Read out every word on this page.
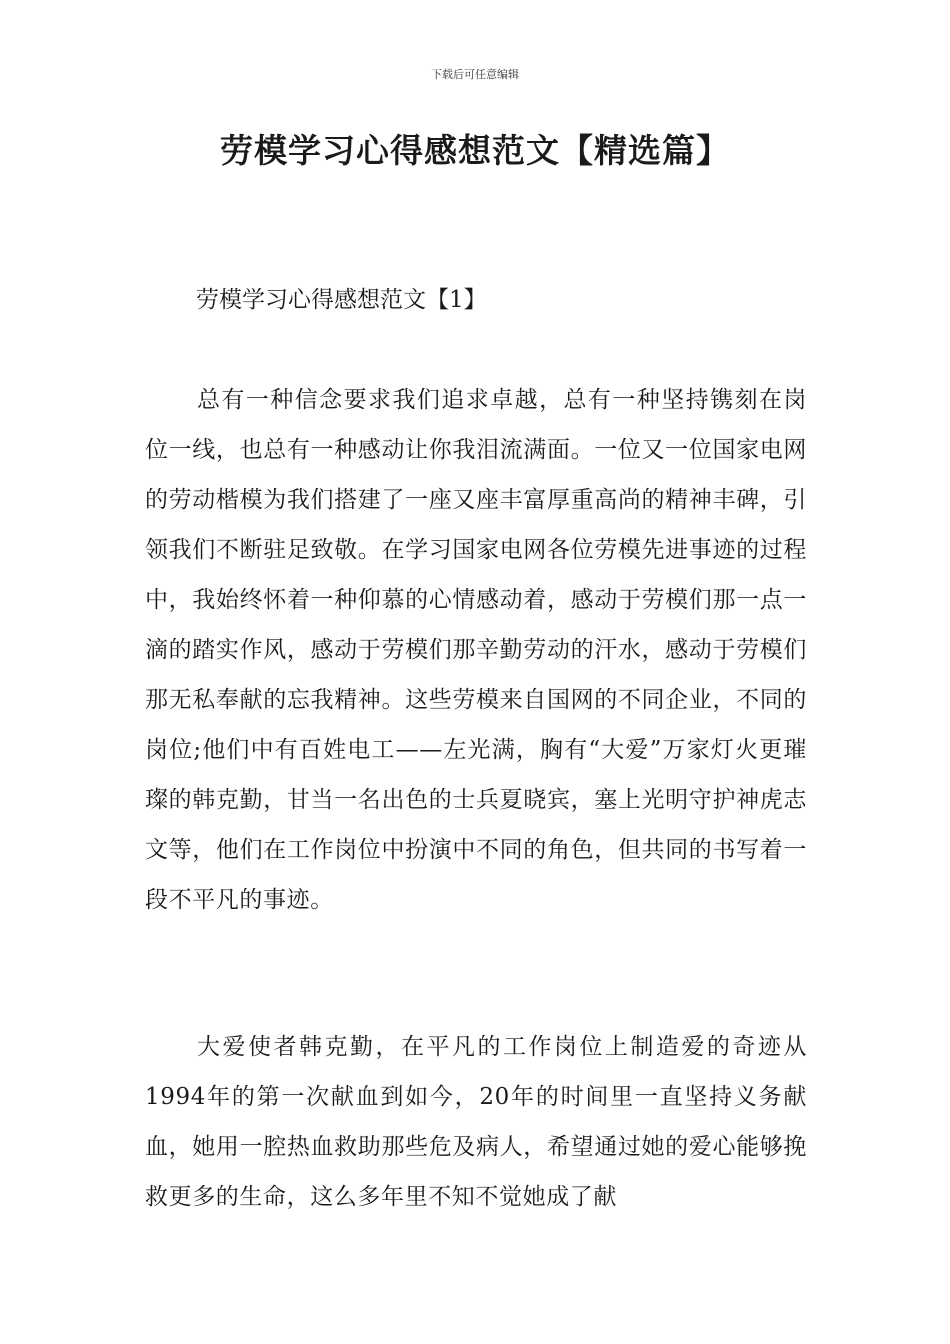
下载后可任意编辑
劳模学习心得感想范文【精选篇】
劳模学习心得感想范文【1】

总有一种信念要求我们追求卓越，总有一种坚持镌刻在岗位一线，也总有一种感动让你我泪流满面。一位又一位国家电网的劳动楷模为我们搭建了一座又座丰富厚重高尚的精神丰碑，引领我们不断驻足致敬。在学习国家电网各位劳模先进事迹的过程中，我始终怀着一种仰慕的心情感动着，感动于劳模们那一点一滴的踏实作风，感动于劳模们那辛勤劳动的汗水，感动于劳模们那无私奉献的忘我精神。这些劳模来自国网的不同企业，不同的岗位;他们中有百姓电工——左光满，胸有“大爱”万家灯火更璀璨的韩克勤，甘当一名出色的士兵夏晓宾，塞上光明守护神虎志文等，他们在工作岗位中扮演中不同的角色，但共同的书写着一段不平凡的事迹。

大爱使者韩克勤，在平凡的工作岗位上制造爱的奇迹从1994年的第一次献血到如今，20年的时间里一直坚持义务献血，她用一腔热血救助那些危及病人，希望通过她的爱心能够挽救更多的生命，这么多年里不知不觉她成了献
